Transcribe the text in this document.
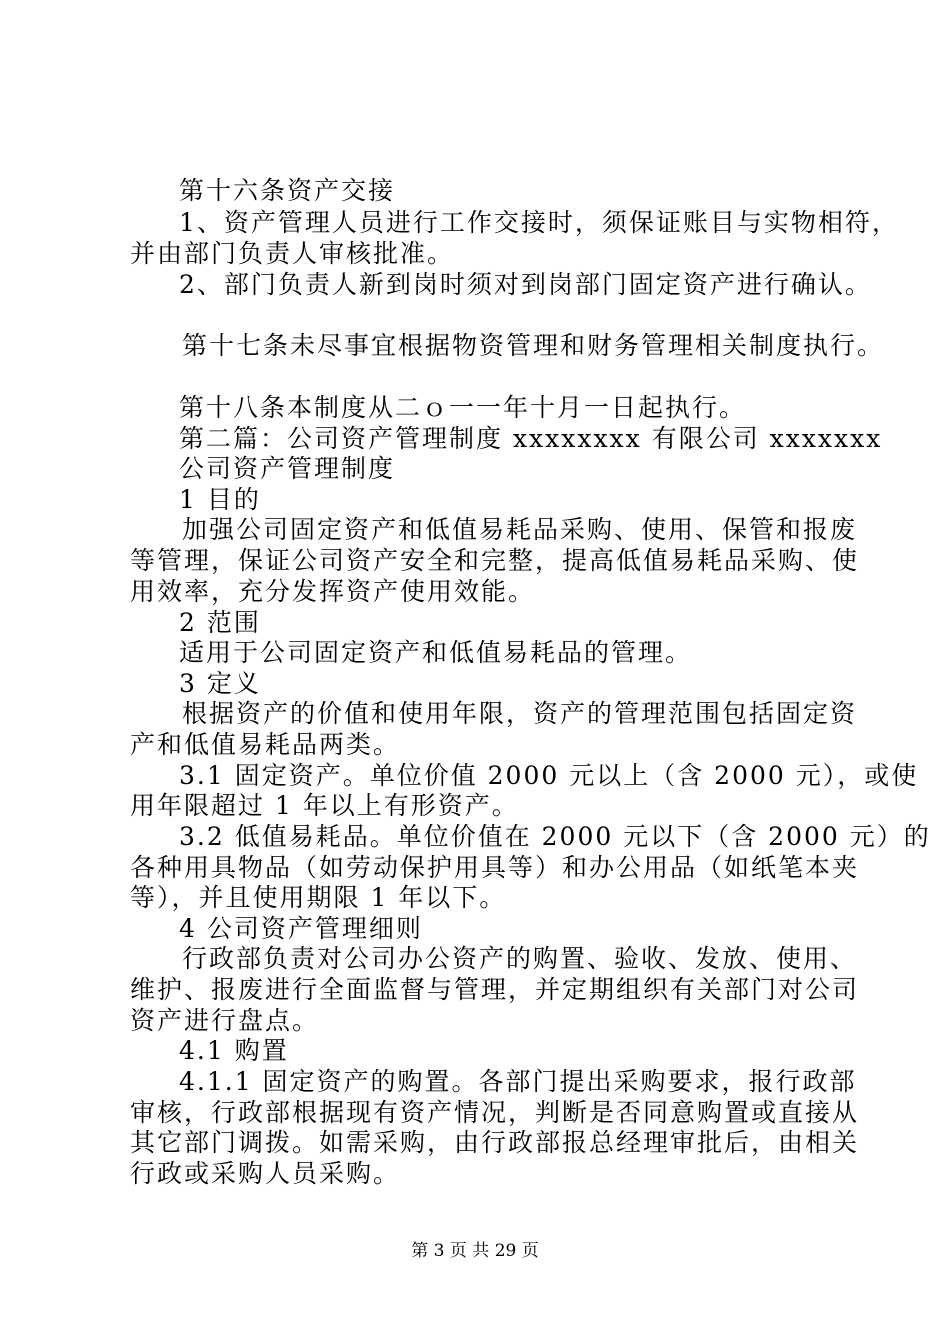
第十六条资产交接
1、资产管理人员进行工作交接时，须保证账目与实物相符，
并由部门负责人审核批准。
2、部门负责人新到岗时须对到岗部门固定资产进行确认。
第十七条未尽事宜根据物资管理和财务管理相关制度执行。
第十八条本制度从二ｏ一一年十月一日起执行。
第二篇：公司资产管理制度 xxxxxxxx 有限公司 xxxxxxx
公司资产管理制度
1 目的
加强公司固定资产和低值易耗品采购、使用、保管和报废
等管理，保证公司资产安全和完整，提高低值易耗品采购、使
用效率，充分发挥资产使用效能。
2 范围
适用于公司固定资产和低值易耗品的管理。
3 定义
根据资产的价值和使用年限，资产的管理范围包括固定资
产和低值易耗品两类。
3.1 固定资产。单位价值 2000 元以上（含 2000 元），或使
用年限超过 1 年以上有形资产。
3.2 低值易耗品。单位价值在 2000 元以下（含 2000 元）的
各种用具物品（如劳动保护用具等）和办公用品（如纸笔本夹
等），并且使用期限 1 年以下。
4 公司资产管理细则
行政部负责对公司办公资产的购置、验收、发放、使用、
维护、报废进行全面监督与管理，并定期组织有关部门对公司
资产进行盘点。
4.1 购置
4.1.1 固定资产的购置。各部门提出采购要求，报行政部
审核，行政部根据现有资产情况，判断是否同意购置或直接从
其它部门调拨。如需采购，由行政部报总经理审批后，由相关
行政或采购人员采购。
第 3 页 共 29 页
